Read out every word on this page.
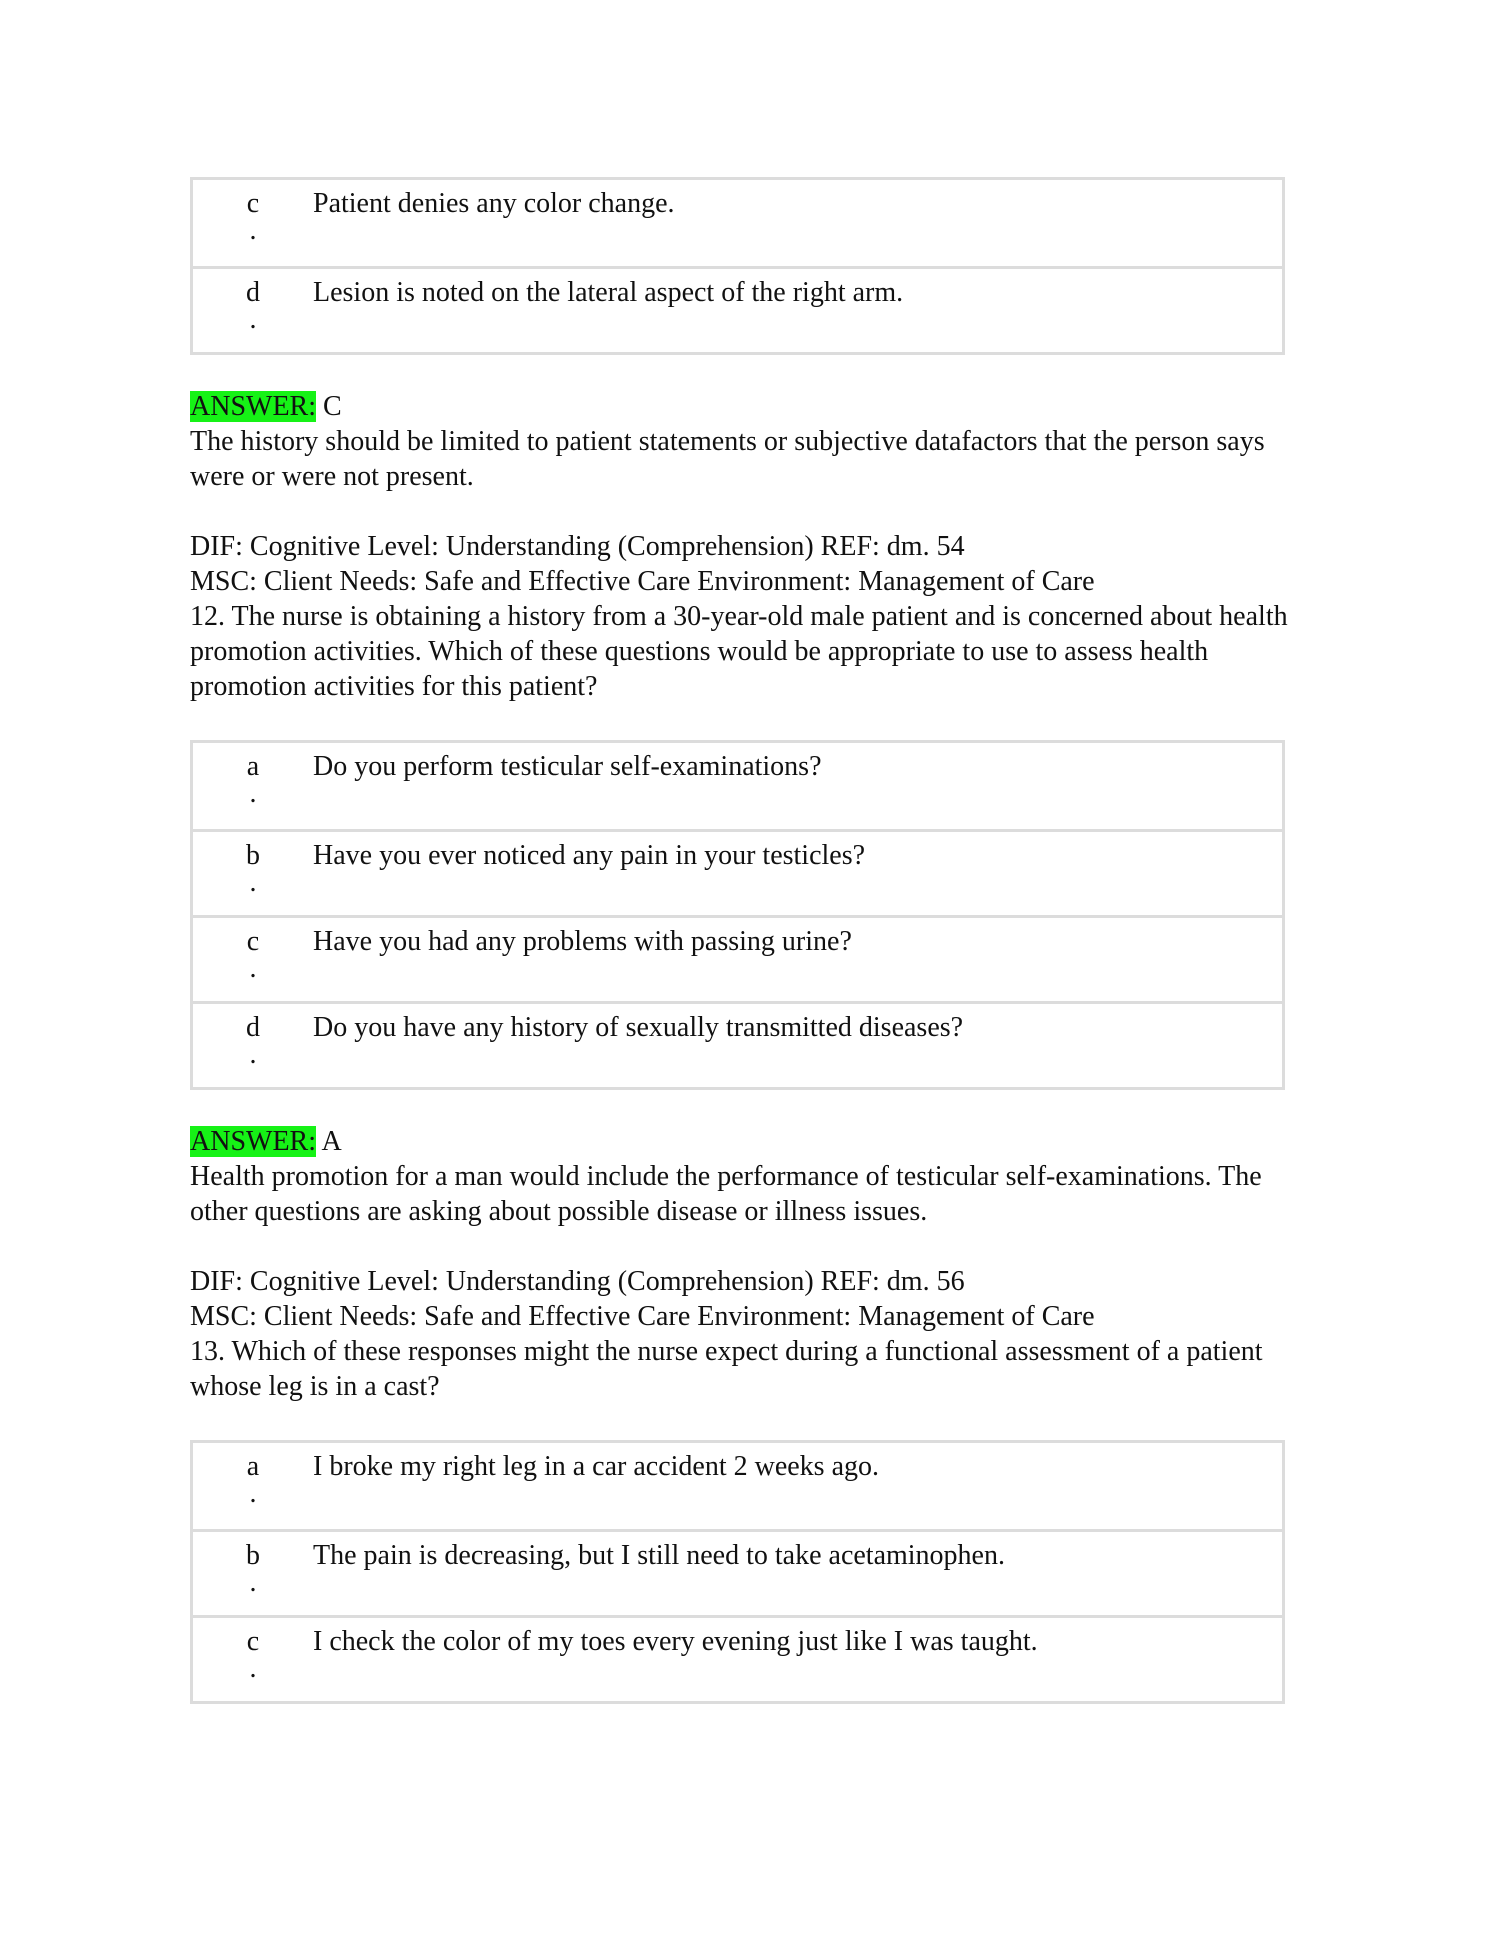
c
.
Patient denies any color change.
d
.
Lesion is noted on the lateral aspect of the right arm.

ANSWER: C

The history should be limited to patient statements or subjective datafactors that the person says were or were not present.

DIF: Cognitive Level: Understanding (Comprehension) REF: dm. 54

MSC: Client Needs: Safe and Effective Care Environment: Management of Care

12. The nurse is obtaining a history from a 30-year-old male patient and is concerned about health promotion activities. Which of these questions would be appropriate to use to assess health promotion activities for this patient?

a
.
Do you perform testicular self-examinations?
b
.
Have you ever noticed any pain in your testicles?
c
.
Have you had any problems with passing urine?
d
.
Do you have any history of sexually transmitted diseases?

ANSWER: A

Health promotion for a man would include the performance of testicular self-examinations. The other questions are asking about possible disease or illness issues.

DIF: Cognitive Level: Understanding (Comprehension) REF: dm. 56

MSC: Client Needs: Safe and Effective Care Environment: Management of Care

13. Which of these responses might the nurse expect during a functional assessment of a patient whose leg is in a cast?

a
.
I broke my right leg in a car accident 2 weeks ago.
b
.
The pain is decreasing, but I still need to take acetaminophen.
c
.
I check the color of my toes every evening just like I was taught.
